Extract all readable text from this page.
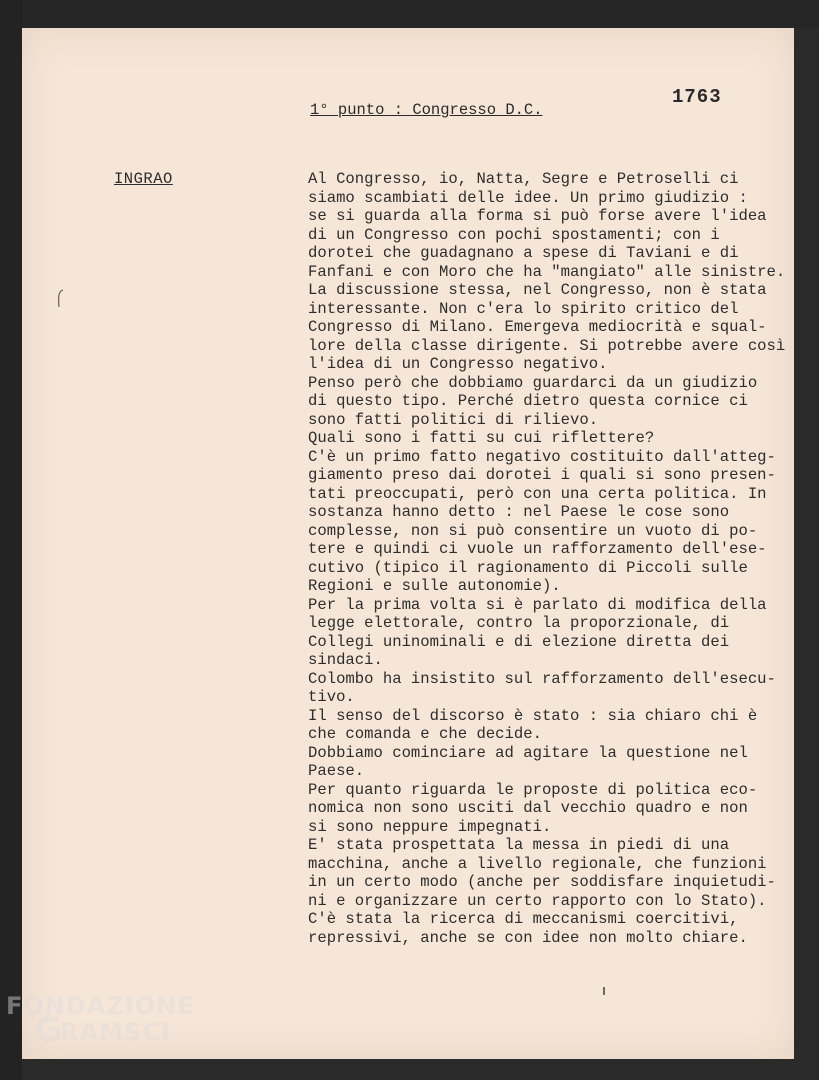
1763
1° punto : Congresso D.C.
INGRAO	Al Congresso, io, Natta, Segre e Petroselli ci
siamo scambiati delle idee. Un primo giudizio :
se si guarda alla forma si può forse avere l'idea
di un Congresso con pochi spostamenti; con i
dorotei che guadagnano a spese di Taviani e di
Fanfani e con Moro che ha "mangiato" alle sinistre.
La discussione stessa, nel Congresso, non è stata
interessante. Non c'era lo spirito critico del
Congresso di Milano. Emergeva mediocrità e squal-
lore della classe dirigente. Si potrebbe avere così
l'idea di un Congresso negativo.
Penso però che dobbiamo guardarci da un giudizio
di questo tipo. Perché dietro questa cornice ci
sono fatti politici di rilievo.
Quali sono i fatti su cui riflettere?
C'è un primo fatto negativo costituito dall'atteg-
giamento preso dai dorotei i quali si sono presen-
tati preoccupati, però con una certa politica. In
sostanza hanno detto : nel Paese le cose sono
complesse, non si può consentire un vuoto di po-
tere e quindi ci vuole un rafforzamento dell'ese-
cutivo (tipico il ragionamento di Piccoli sulle
Regioni e sulle autonomie).
Per la prima volta si è parlato di modifica della
legge elettorale, contro la proporzionale, di
Collegi uninominali e di elezione diretta dei
sindaci.
Colombo ha insistito sul rafforzamento dell'esecu-
tivo.
Il senso del discorso è stato : sia chiaro chi è
che comanda e che decide.
Dobbiamo cominciare ad agitare la questione nel
Paese.
Per quanto riguarda le proposte di politica eco-
nomica non sono usciti dal vecchio quadro e non
si sono neppure impegnati.
E' stata prospettata la messa in piedi di una
macchina, anche a livello regionale, che funzioni
in un certo modo (anche per soddisfare inquietudi-
ni e organizzare un certo rapporto con lo Stato).
C'è stata la ricerca di meccanismi coercitivi,
repressivi, anche se con idee non molto chiare.
FONDAZIONE
RAMSCI
